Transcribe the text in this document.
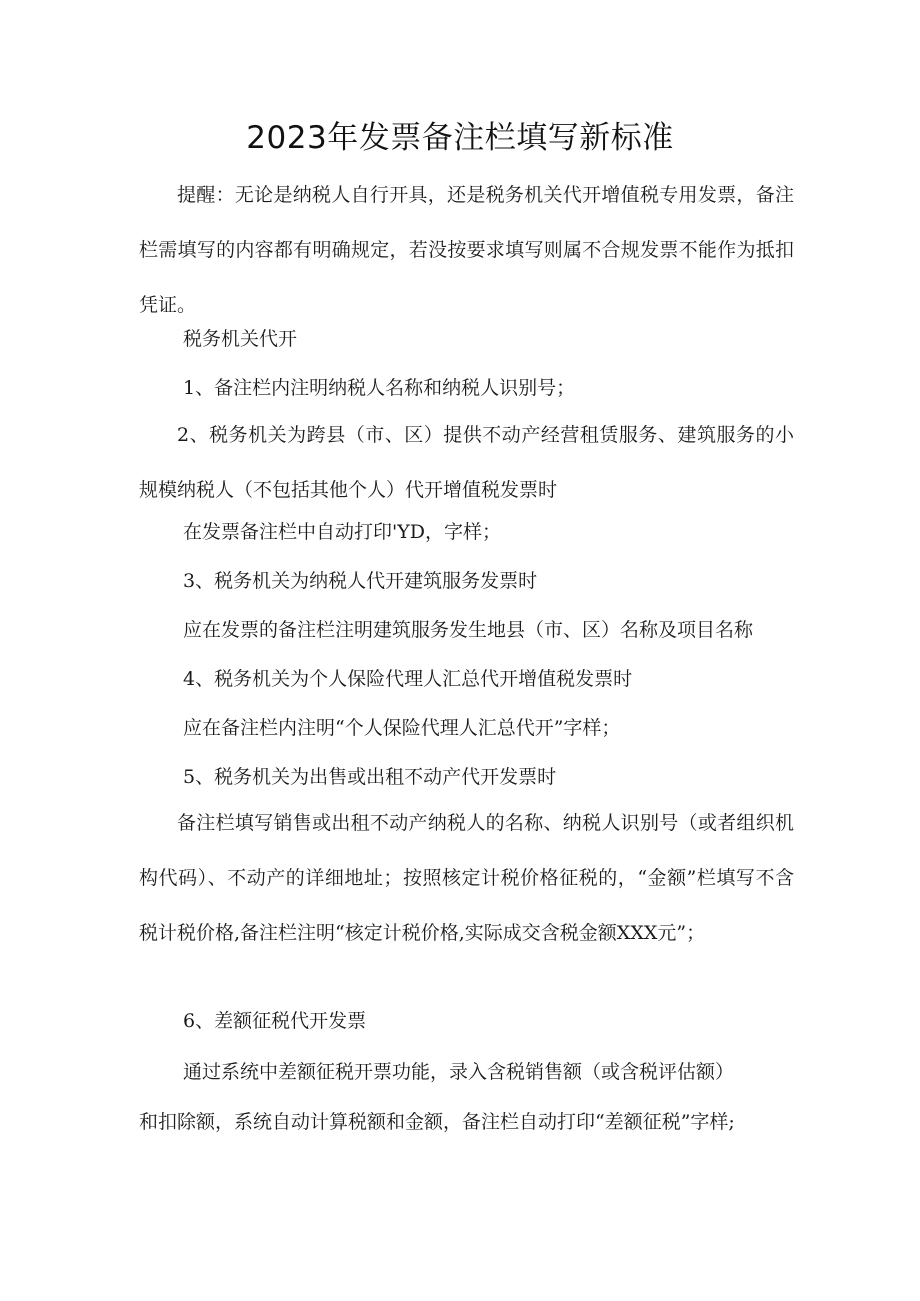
2023年发票备注栏填写新标准

提醒：无论是纳税人自行开具，还是税务机关代开增值税专用发票，备注栏需填写的内容都有明确规定，若没按要求填写则属不合规发票不能作为抵扣凭证。

税务机关代开
1、备注栏内注明纳税人名称和纳税人识别号；

2、税务机关为跨县（市、区）提供不动产经营租赁服务、建筑服务的小规模纳税人（不包括其他个人）代开增值税发票时

在发票备注栏中自动打印'YD，字样；
3、税务机关为纳税人代开建筑服务发票时
应在发票的备注栏注明建筑服务发生地县（市、区）名称及项目名称
4、税务机关为个人保险代理人汇总代开增值税发票时
应在备注栏内注明“个人保险代理人汇总代开”字样；
5、税务机关为出售或出租不动产代开发票时

备注栏填写销售或出租不动产纳税人的名称、纳税人识别号（或者组织机构代码）、不动产的详细地址；按照核定计税价格征税的，“金额”栏填写不含税计税价格,备注栏注明“核定计税价格,实际成交含税金额XXX元”；

6、差额征税代开发票
通过系统中差额征税开票功能，录入含税销售额（或含税评估额）

和扣除额，系统自动计算税额和金额，备注栏自动打印“差额征税”字样;
